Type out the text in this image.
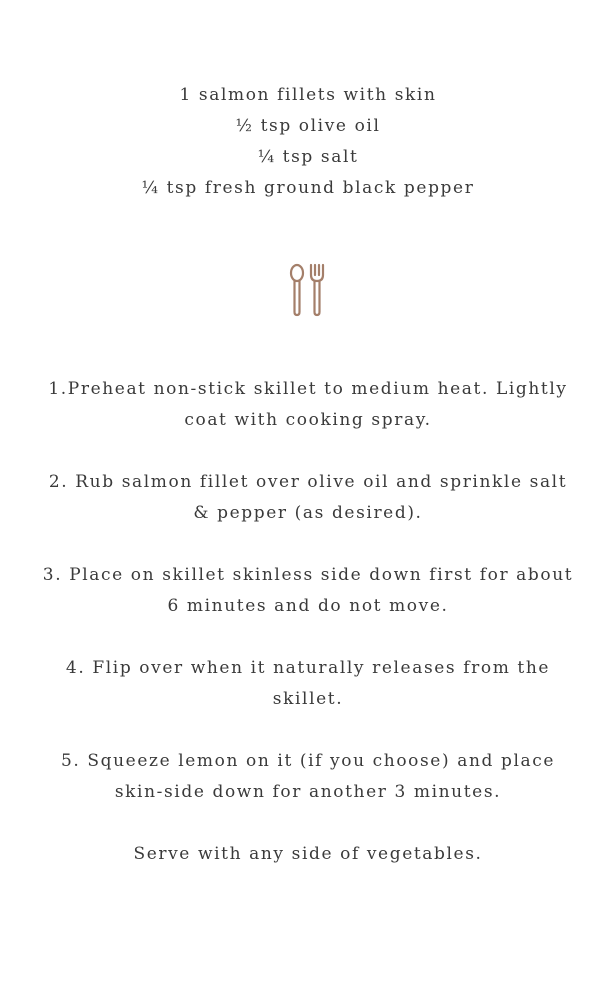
1 salmon fillets with skin

½ tsp olive oil

¼ tsp salt

¼ tsp fresh ground black pepper

1.Preheat non-stick skillet to medium heat. Lightly coat with cooking spray.

2. Rub salmon fillet over olive oil and sprinkle salt & pepper (as desired).

3. Place on skillet skinless side down first for about 6 minutes and do not move.

4. Flip over when it naturally releases from the skillet.

5. Squeeze lemon on it (if you choose) and place skin-side down for another 3 minutes.

Serve with any side of vegetables.
